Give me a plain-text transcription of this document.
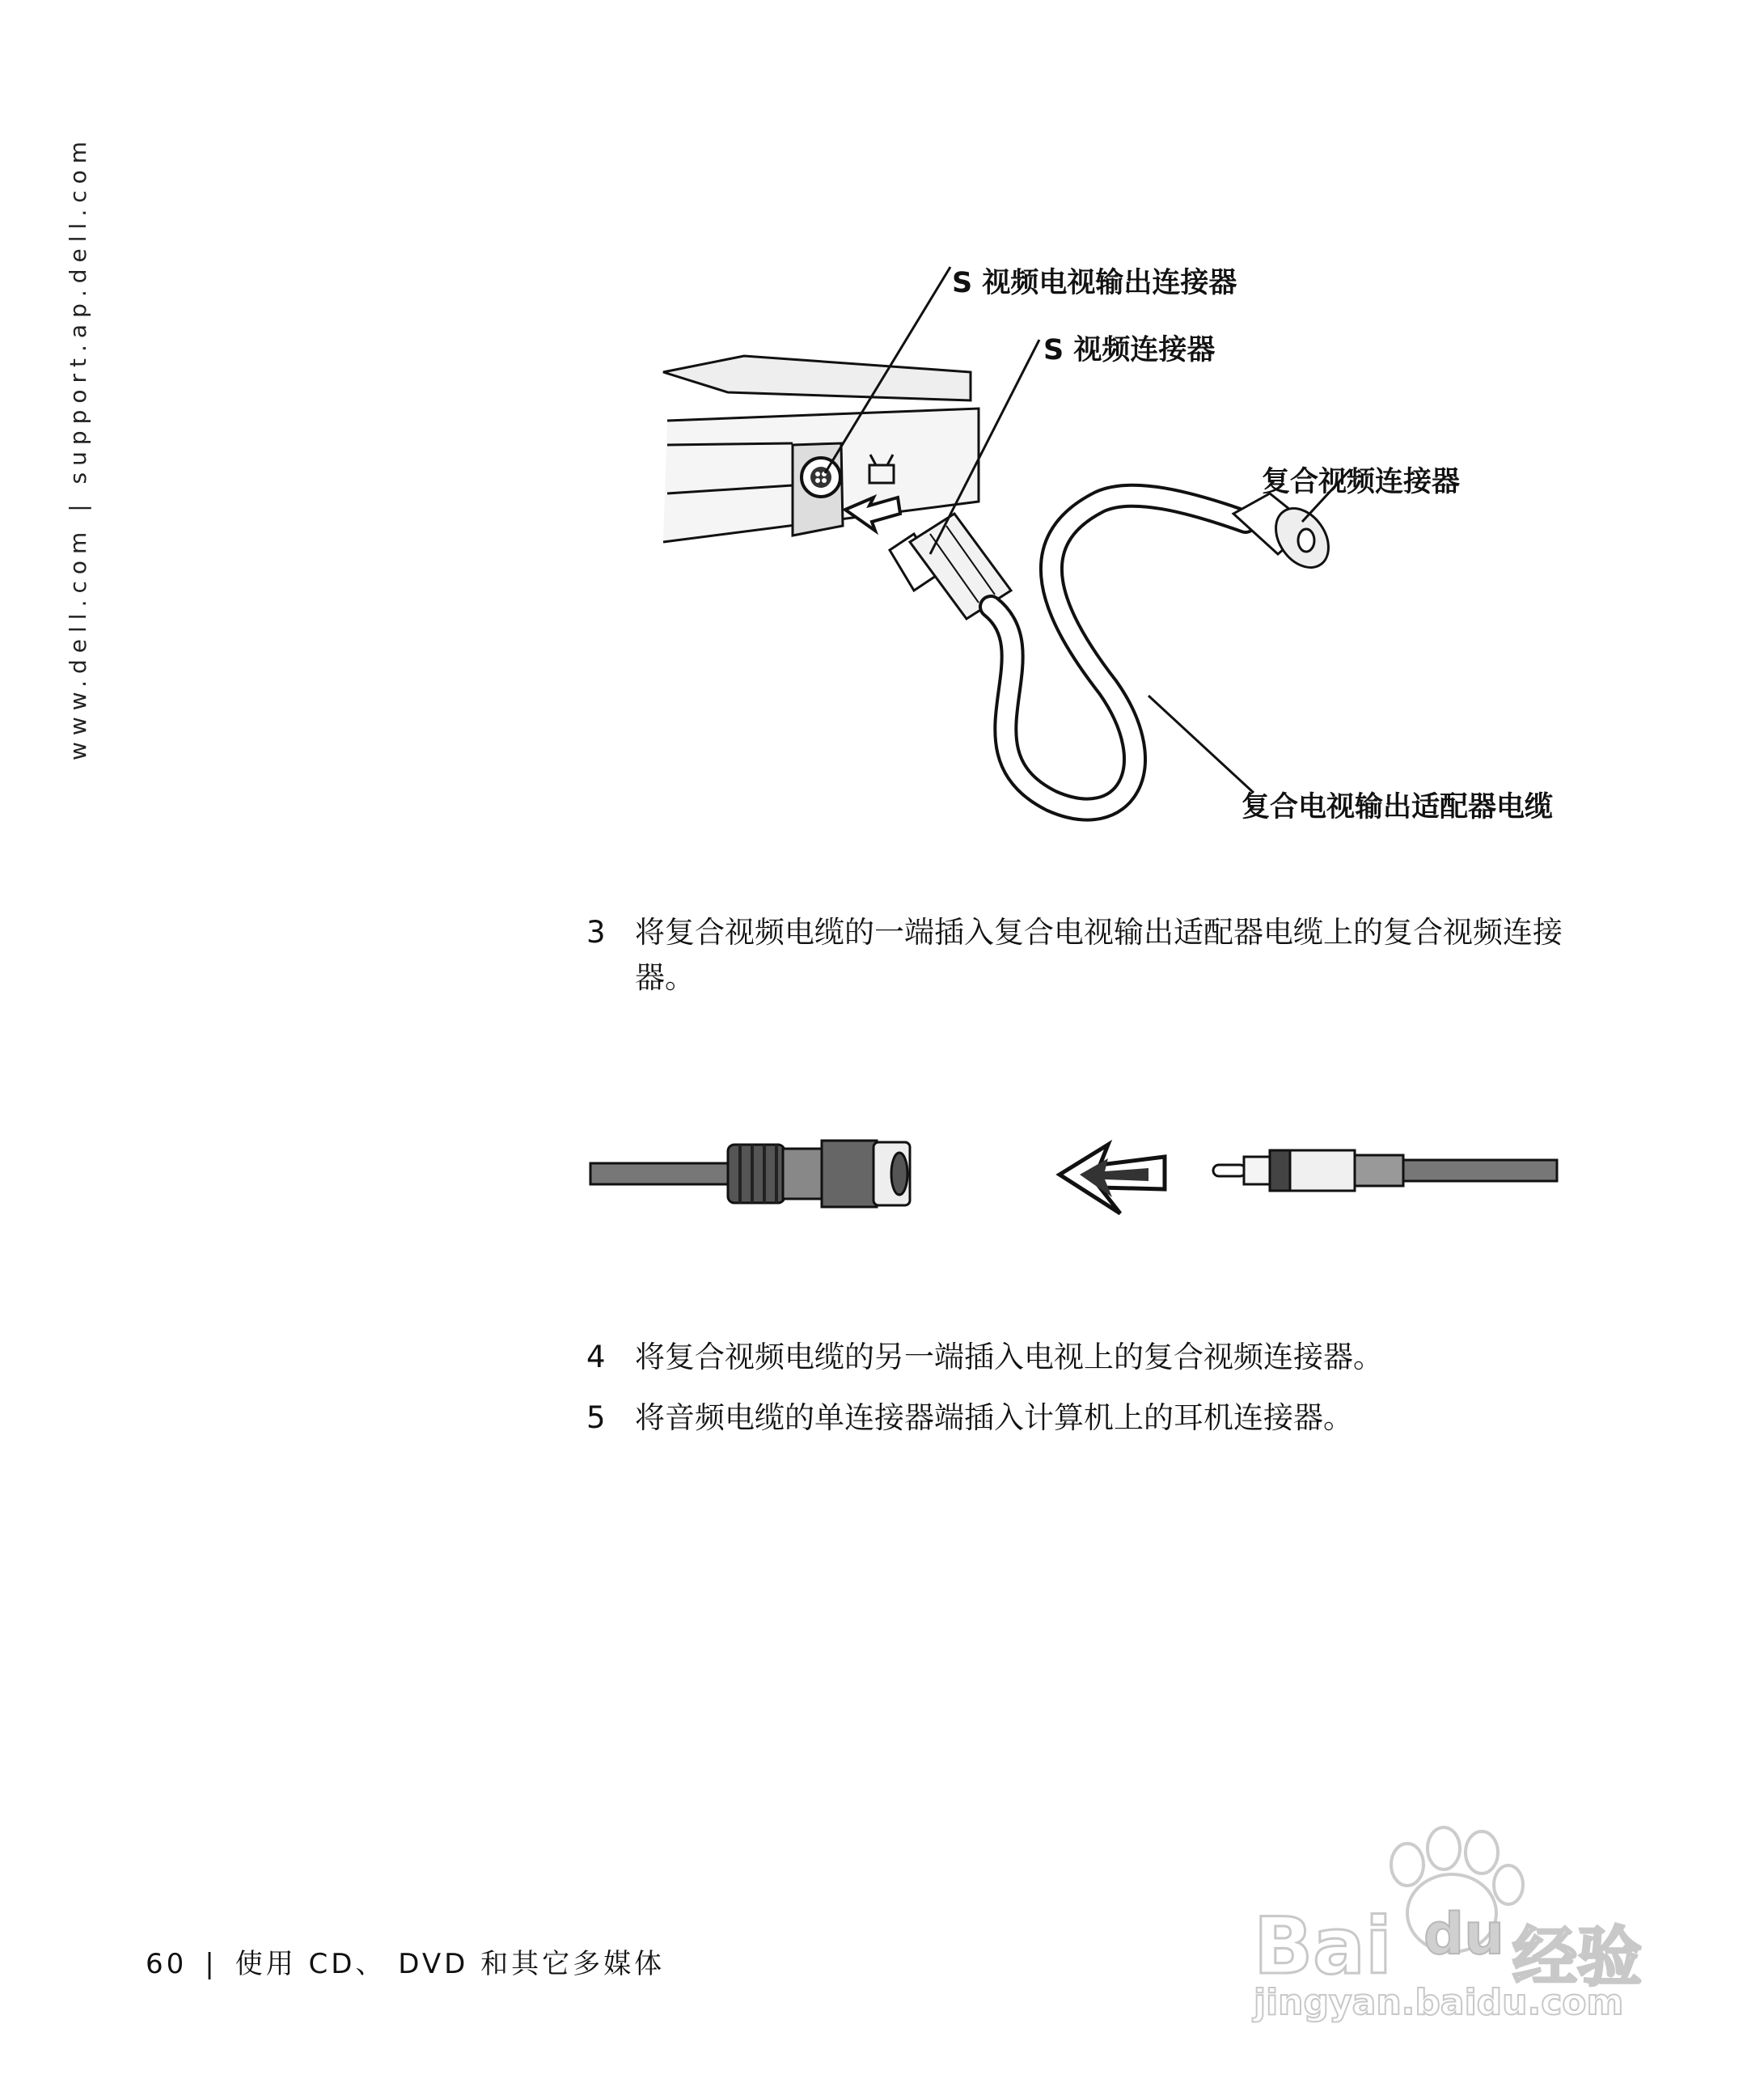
www.dell.com | support.ap.dell.com	S 视频电视输出连接器
S 视频连接器
复合视频连接器
复合电视输出适配器电缆
3 将复合视频电缆的一端插入复合电视输出适配器电缆上的复合视频连接器。
4 将复合视频电缆的另一端插入电视上的复合视频连接器。
5 将音频电缆的单连接器端插入计算机上的耳机连接器。
60 | 使用 CD、 DVD 和其它多媒体	Bai du 经验
jingyan.baidu.com
